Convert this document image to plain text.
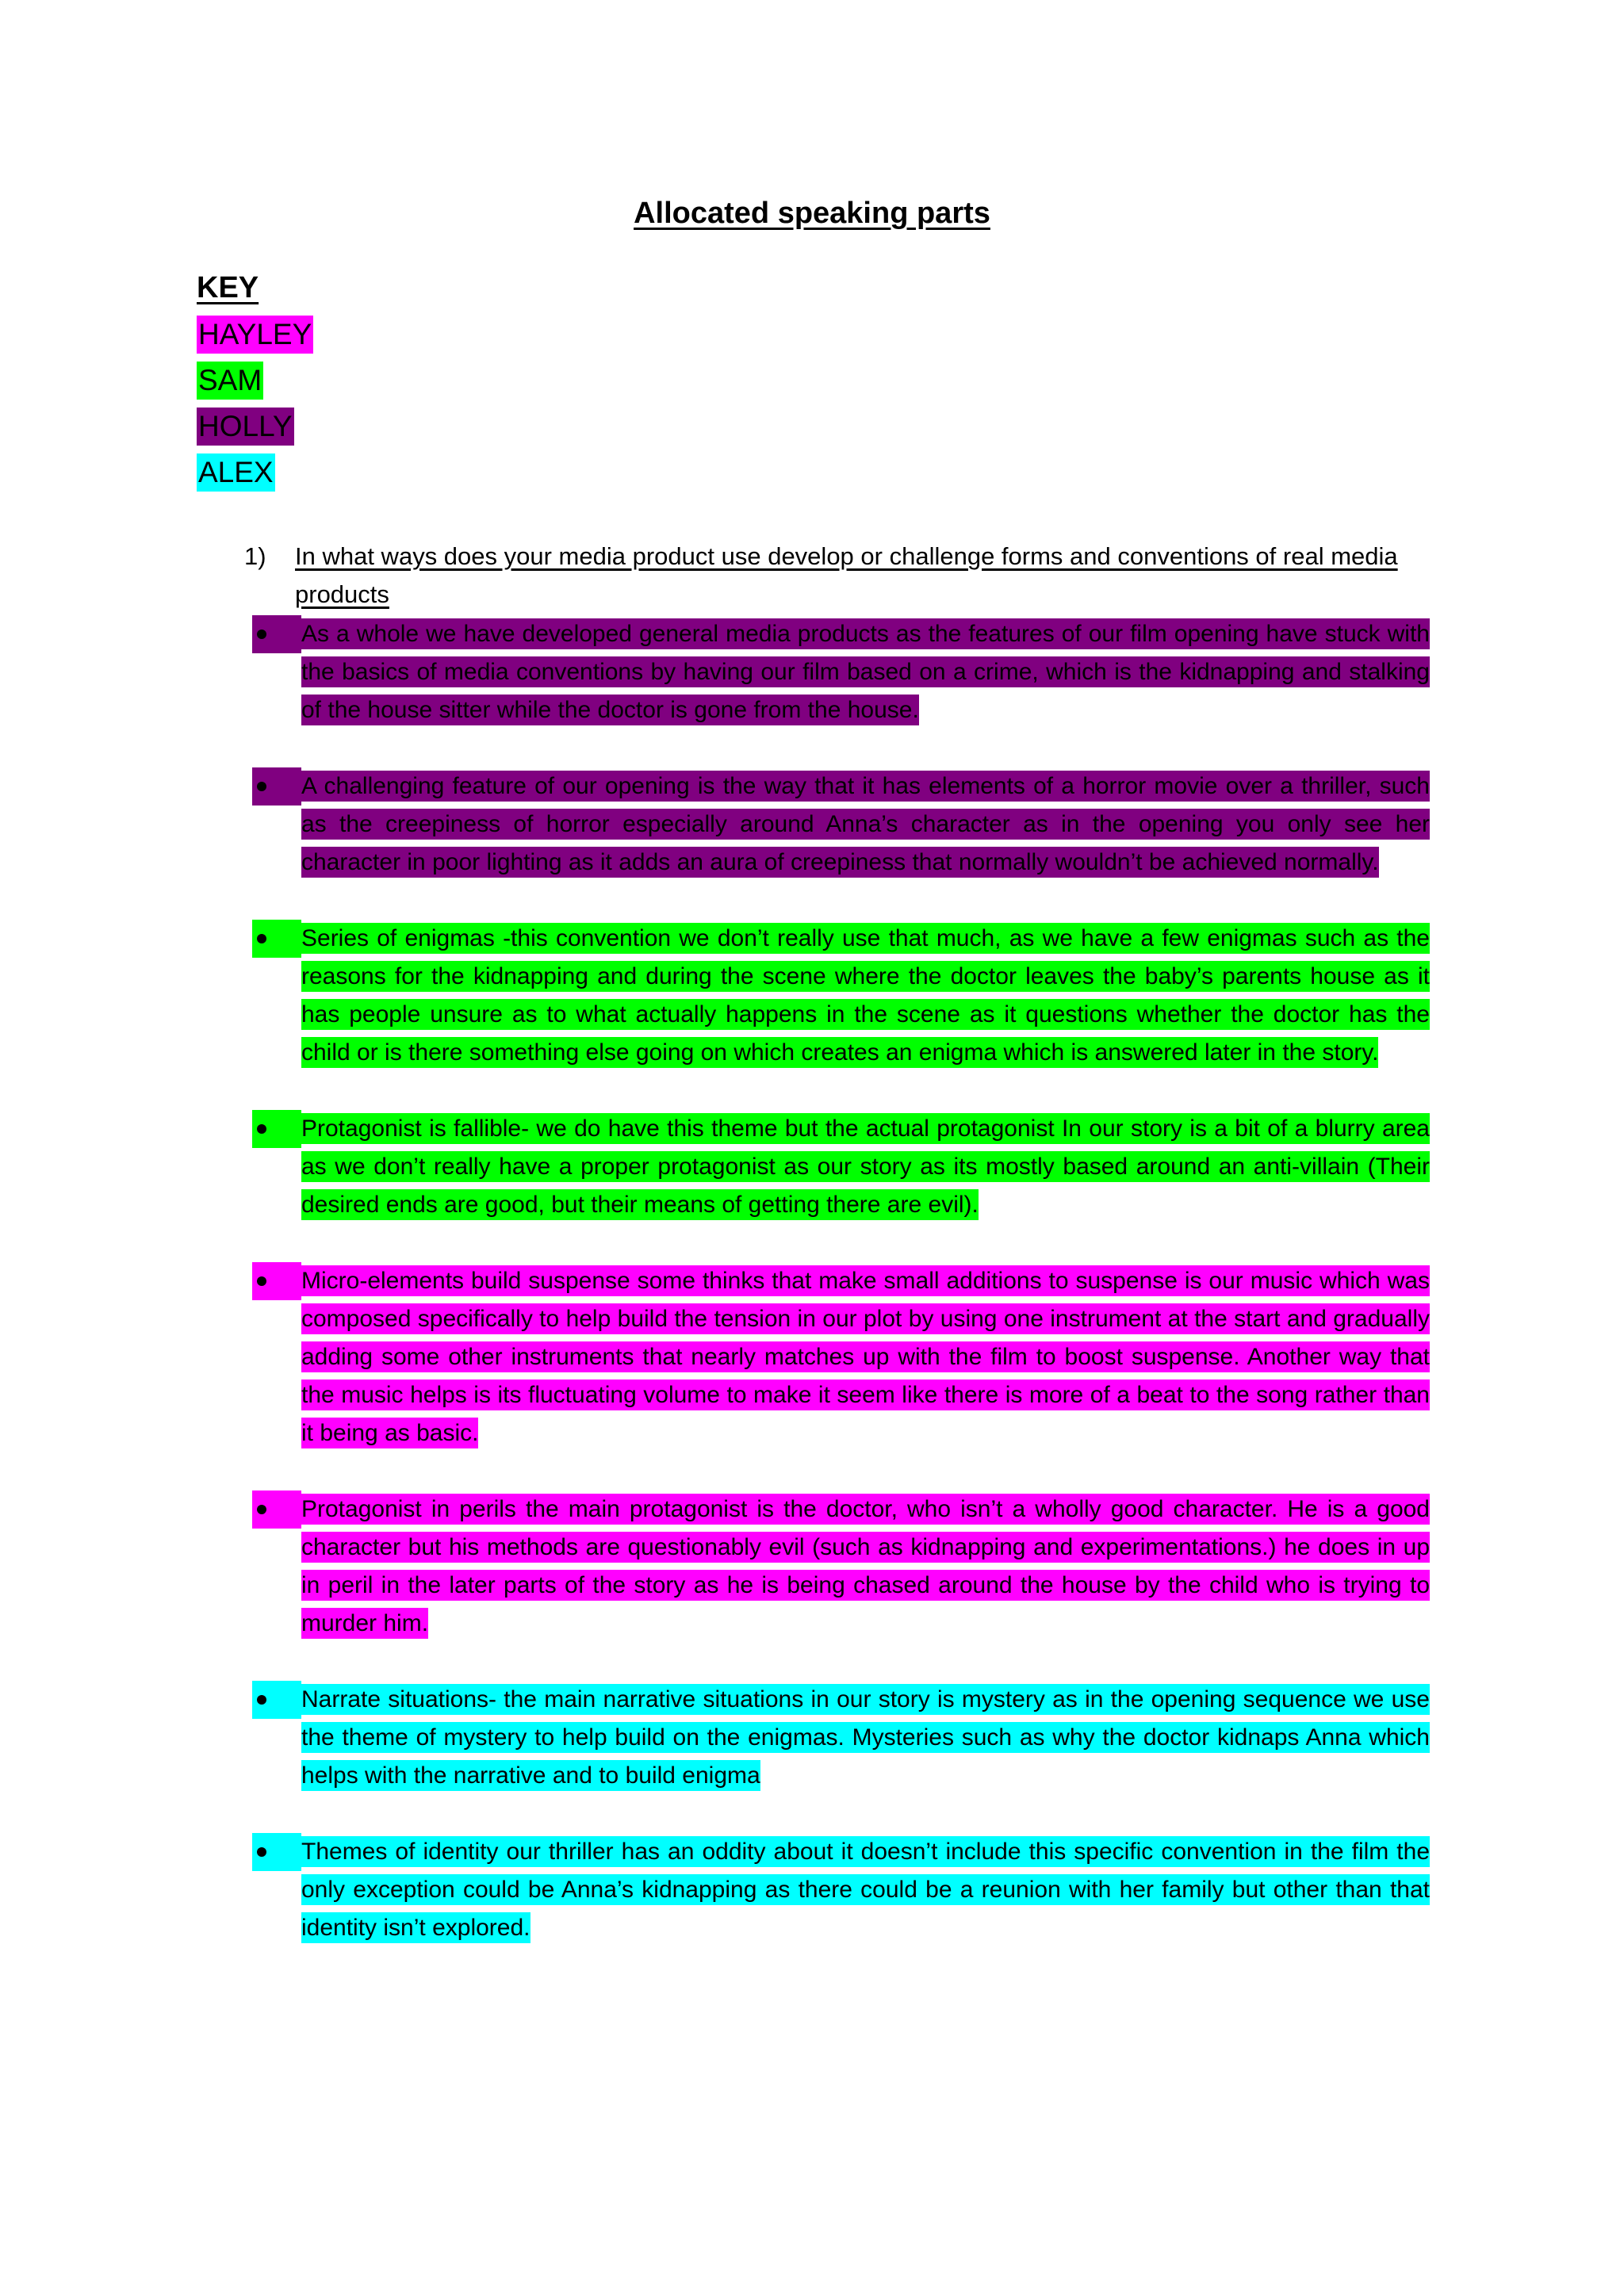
Allocated speaking parts
KEY
HAYLEY
SAM
HOLLY
ALEX
1) In what ways does your media product use develop or challenge forms and conventions of real media products
As a whole we have developed general media products as the features of our film opening have stuck with the basics of media conventions by having our film based on a crime, which is the kidnapping and stalking of the house sitter while the doctor is gone from the house.
A challenging feature of our opening is the way that it has elements of a horror movie over a thriller, such as the creepiness of horror especially around Anna’s character as in the opening you only see her character in poor lighting as it adds an aura of creepiness that normally wouldn’t be achieved normally.
Series of enigmas -this convention we don’t really use that much, as we have a few enigmas such as the reasons for the kidnapping and during the scene where the doctor leaves the baby’s parents house as it has people unsure as to what actually happens in the scene as it questions whether the doctor has the child or is there something else going on which creates an enigma which is answered later in the story.
Protagonist is fallible- we do have this theme but the actual protagonist In our story is a bit of a blurry area as we don’t really have a proper protagonist as our story as its mostly based around an anti-villain (Their desired ends are good, but their means of getting there are evil).
Micro-elements build suspense some thinks that make small additions to suspense is our music which was composed specifically to help build the tension in our plot by using one instrument at the start and gradually adding some other instruments that nearly matches up with the film to boost suspense. Another way that the music helps is its fluctuating volume to make it seem like there is more of a beat to the song rather than it being as basic.
Protagonist in perils the main protagonist is the doctor, who isn’t a wholly good character. He is a good character but his methods are questionably evil (such as kidnapping and experimentations.) he does in up in peril in the later parts of the story as he is being chased around the house by the child who is trying to murder him.
Narrate situations- the main narrative situations in our story is mystery as in the opening sequence we use the theme of mystery to help build on the enigmas. Mysteries such as why the doctor kidnaps Anna which helps with the narrative and to build enigma
Themes of identity our thriller has an oddity about it doesn’t include this specific convention in the film the only exception could be Anna’s kidnapping as there could be a reunion with her family but other than that identity isn’t explored.
